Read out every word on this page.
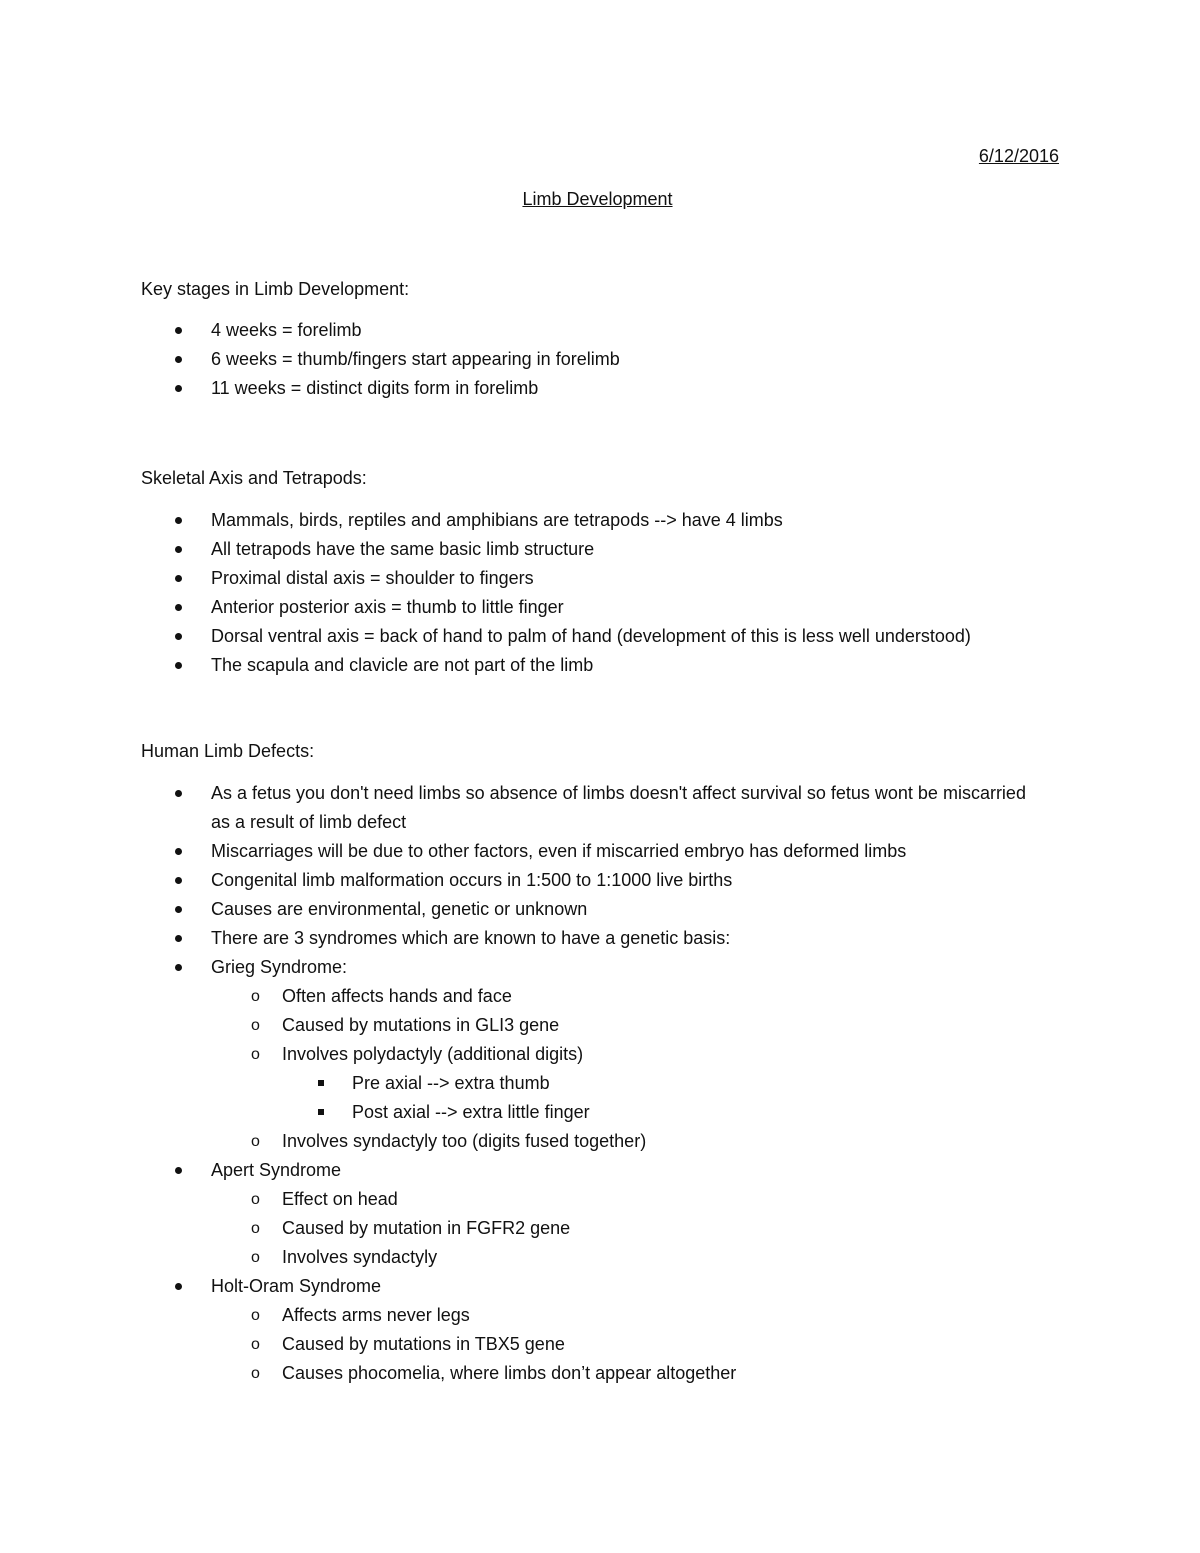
6/12/2016
Limb Development

Key stages in Limb Development:

4 weeks = forelimb
6 weeks = thumb/fingers start appearing in forelimb
11 weeks = distinct digits form in forelimb

Skeletal Axis and Tetrapods:

Mammals, birds, reptiles and amphibians are tetrapods --> have 4 limbs
All tetrapods have the same basic limb structure
Proximal distal axis = shoulder to fingers
Anterior posterior axis = thumb to little finger
Dorsal ventral axis = back of hand to palm of hand (development of this is less well understood)
The scapula and clavicle are not part of the limb

Human Limb Defects:

As a fetus you don't need limbs so absence of limbs doesn't affect survival so fetus wont be miscarried as a result of limb defect
Miscarriages will be due to other factors, even if miscarried embryo has deformed limbs
Congenital limb malformation occurs in 1:500 to 1:1000 live births
Causes are environmental, genetic or unknown
There are 3 syndromes which are known to have a genetic basis:
Grieg Syndrome:
o Often affects hands and face
o Caused by mutations in GLI3 gene
o Involves polydactyly (additional digits)
Pre axial --> extra thumb
Post axial --> extra little finger
o Involves syndactyly too (digits fused together)
Apert Syndrome
o Effect on head
o Caused by mutation in FGFR2 gene
o Involves syndactyly
Holt-Oram Syndrome
o Affects arms never legs
o Caused by mutations in TBX5 gene
o Causes phocomelia, where limbs don’t appear altogether
